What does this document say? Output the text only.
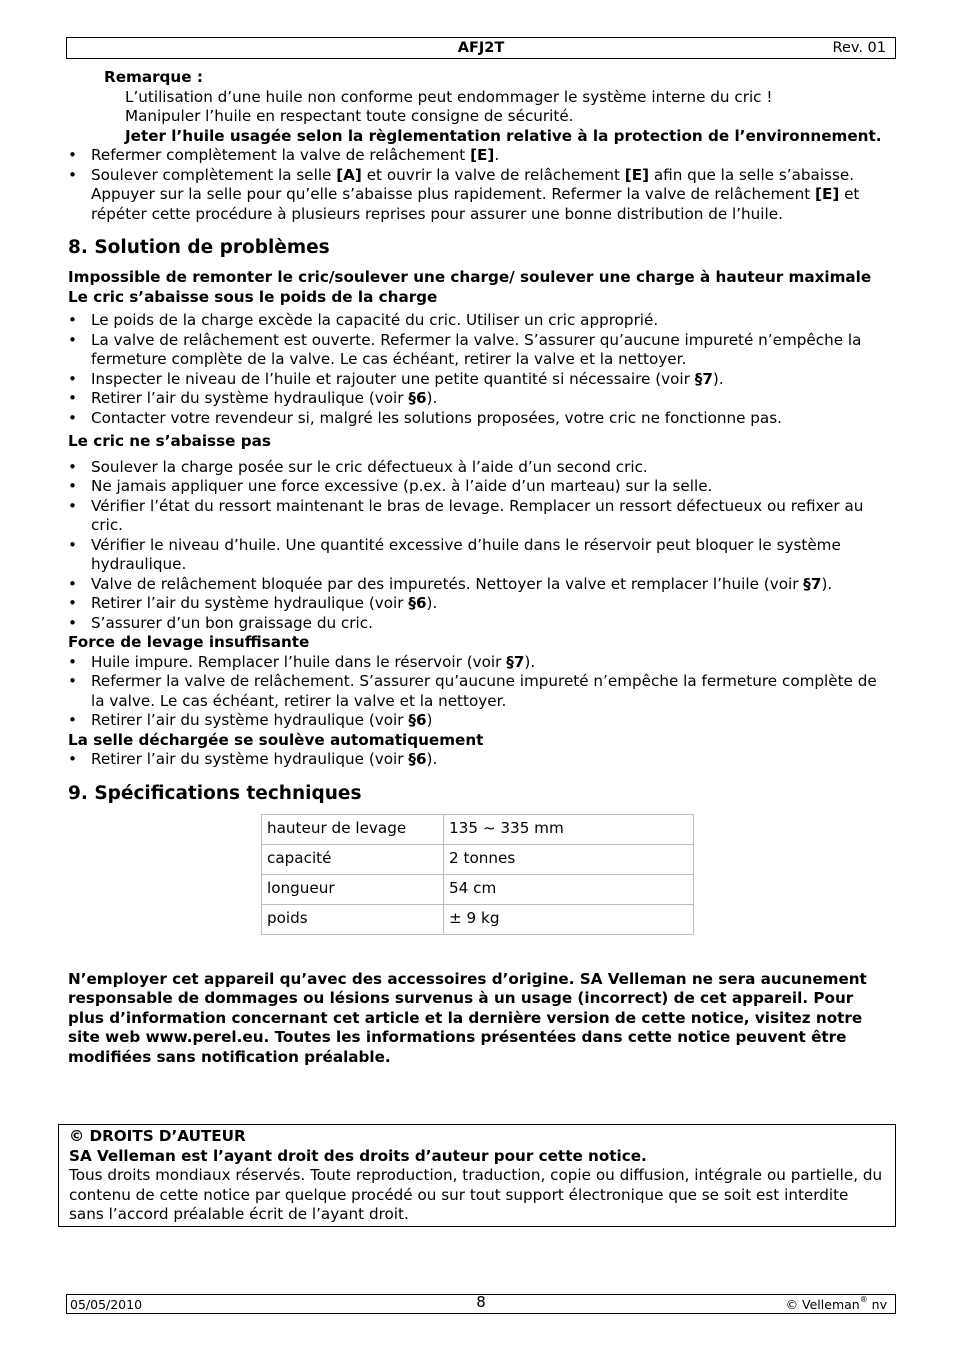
AFJ2T	Rev. 01
Remarque :
L’utilisation d’une huile non conforme peut endommager le système interne du cric !
Manipuler l’huile en respectant toute consigne de sécurité.
Jeter l’huile usagée selon la règlementation relative à la protection de l’environnement.
• Refermer complètement la valve de relâchement [E].
• Soulever complètement la selle [A] et ouvrir la valve de relâchement [E] afin que la selle s’abaisse. Appuyer sur la selle pour qu’elle s’abaisse plus rapidement. Refermer la valve de relâchement [E] et répéter cette procédure à plusieurs reprises pour assurer une bonne distribution de l’huile.
8. Solution de problèmes
Impossible de remonter le cric/soulever une charge/ soulever une charge à hauteur maximale
Le cric s’abaisse sous le poids de la charge
• Le poids de la charge excède la capacité du cric. Utiliser un cric approprié.
• La valve de relâchement est ouverte. Refermer la valve. S’assurer qu’aucune impureté n’empêche la fermeture complète de la valve. Le cas échéant, retirer la valve et la nettoyer.
• Inspecter le niveau de l’huile et rajouter une petite quantité si nécessaire (voir §7).
• Retirer l’air du système hydraulique (voir §6).
• Contacter votre revendeur si, malgré les solutions proposées, votre cric ne fonctionne pas.
Le cric ne s’abaisse pas
• Soulever la charge posée sur le cric défectueux à l’aide d’un second cric.
• Ne jamais appliquer une force excessive (p.ex. à l’aide d’un marteau) sur la selle.
• Vérifier l’état du ressort maintenant le bras de levage. Remplacer un ressort défectueux ou refixer au cric.
• Vérifier le niveau d’huile. Une quantité excessive d’huile dans le réservoir peut bloquer le système hydraulique.
• Valve de relâchement bloquée par des impuretés. Nettoyer la valve et remplacer l’huile (voir §7).
• Retirer l’air du système hydraulique (voir §6).
• S’assurer d’un bon graissage du cric.
Force de levage insuffisante
• Huile impure. Remplacer l’huile dans le réservoir (voir §7).
• Refermer la valve de relâchement. S’assurer qu’aucune impureté n’empêche la fermeture complète de la valve. Le cas échéant, retirer la valve et la nettoyer.
• Retirer l’air du système hydraulique (voir §6)
La selle déchargée se soulève automatiquement
• Retirer l’air du système hydraulique (voir §6).
9. Spécifications techniques
hauteur de levage	135 ~ 335 mm
capacité	2 tonnes
longueur	54 cm
poids	± 9 kg
N’employer cet appareil qu’avec des accessoires d’origine. SA Velleman ne sera aucunement responsable de dommages ou lésions survenus à un usage (incorrect) de cet appareil. Pour plus d’information concernant cet article et la dernière version de cette notice, visitez notre site web www.perel.eu. Toutes les informations présentées dans cette notice peuvent être modifiées sans notification préalable.
© DROITS D’AUTEUR
SA Velleman est l’ayant droit des droits d’auteur pour cette notice.
Tous droits mondiaux réservés. Toute reproduction, traduction, copie ou diffusion, intégrale ou partielle, du contenu de cette notice par quelque procédé ou sur tout support électronique que se soit est interdite sans l’accord préalable écrit de l’ayant droit.
05/05/2010	8	© Velleman® nv
